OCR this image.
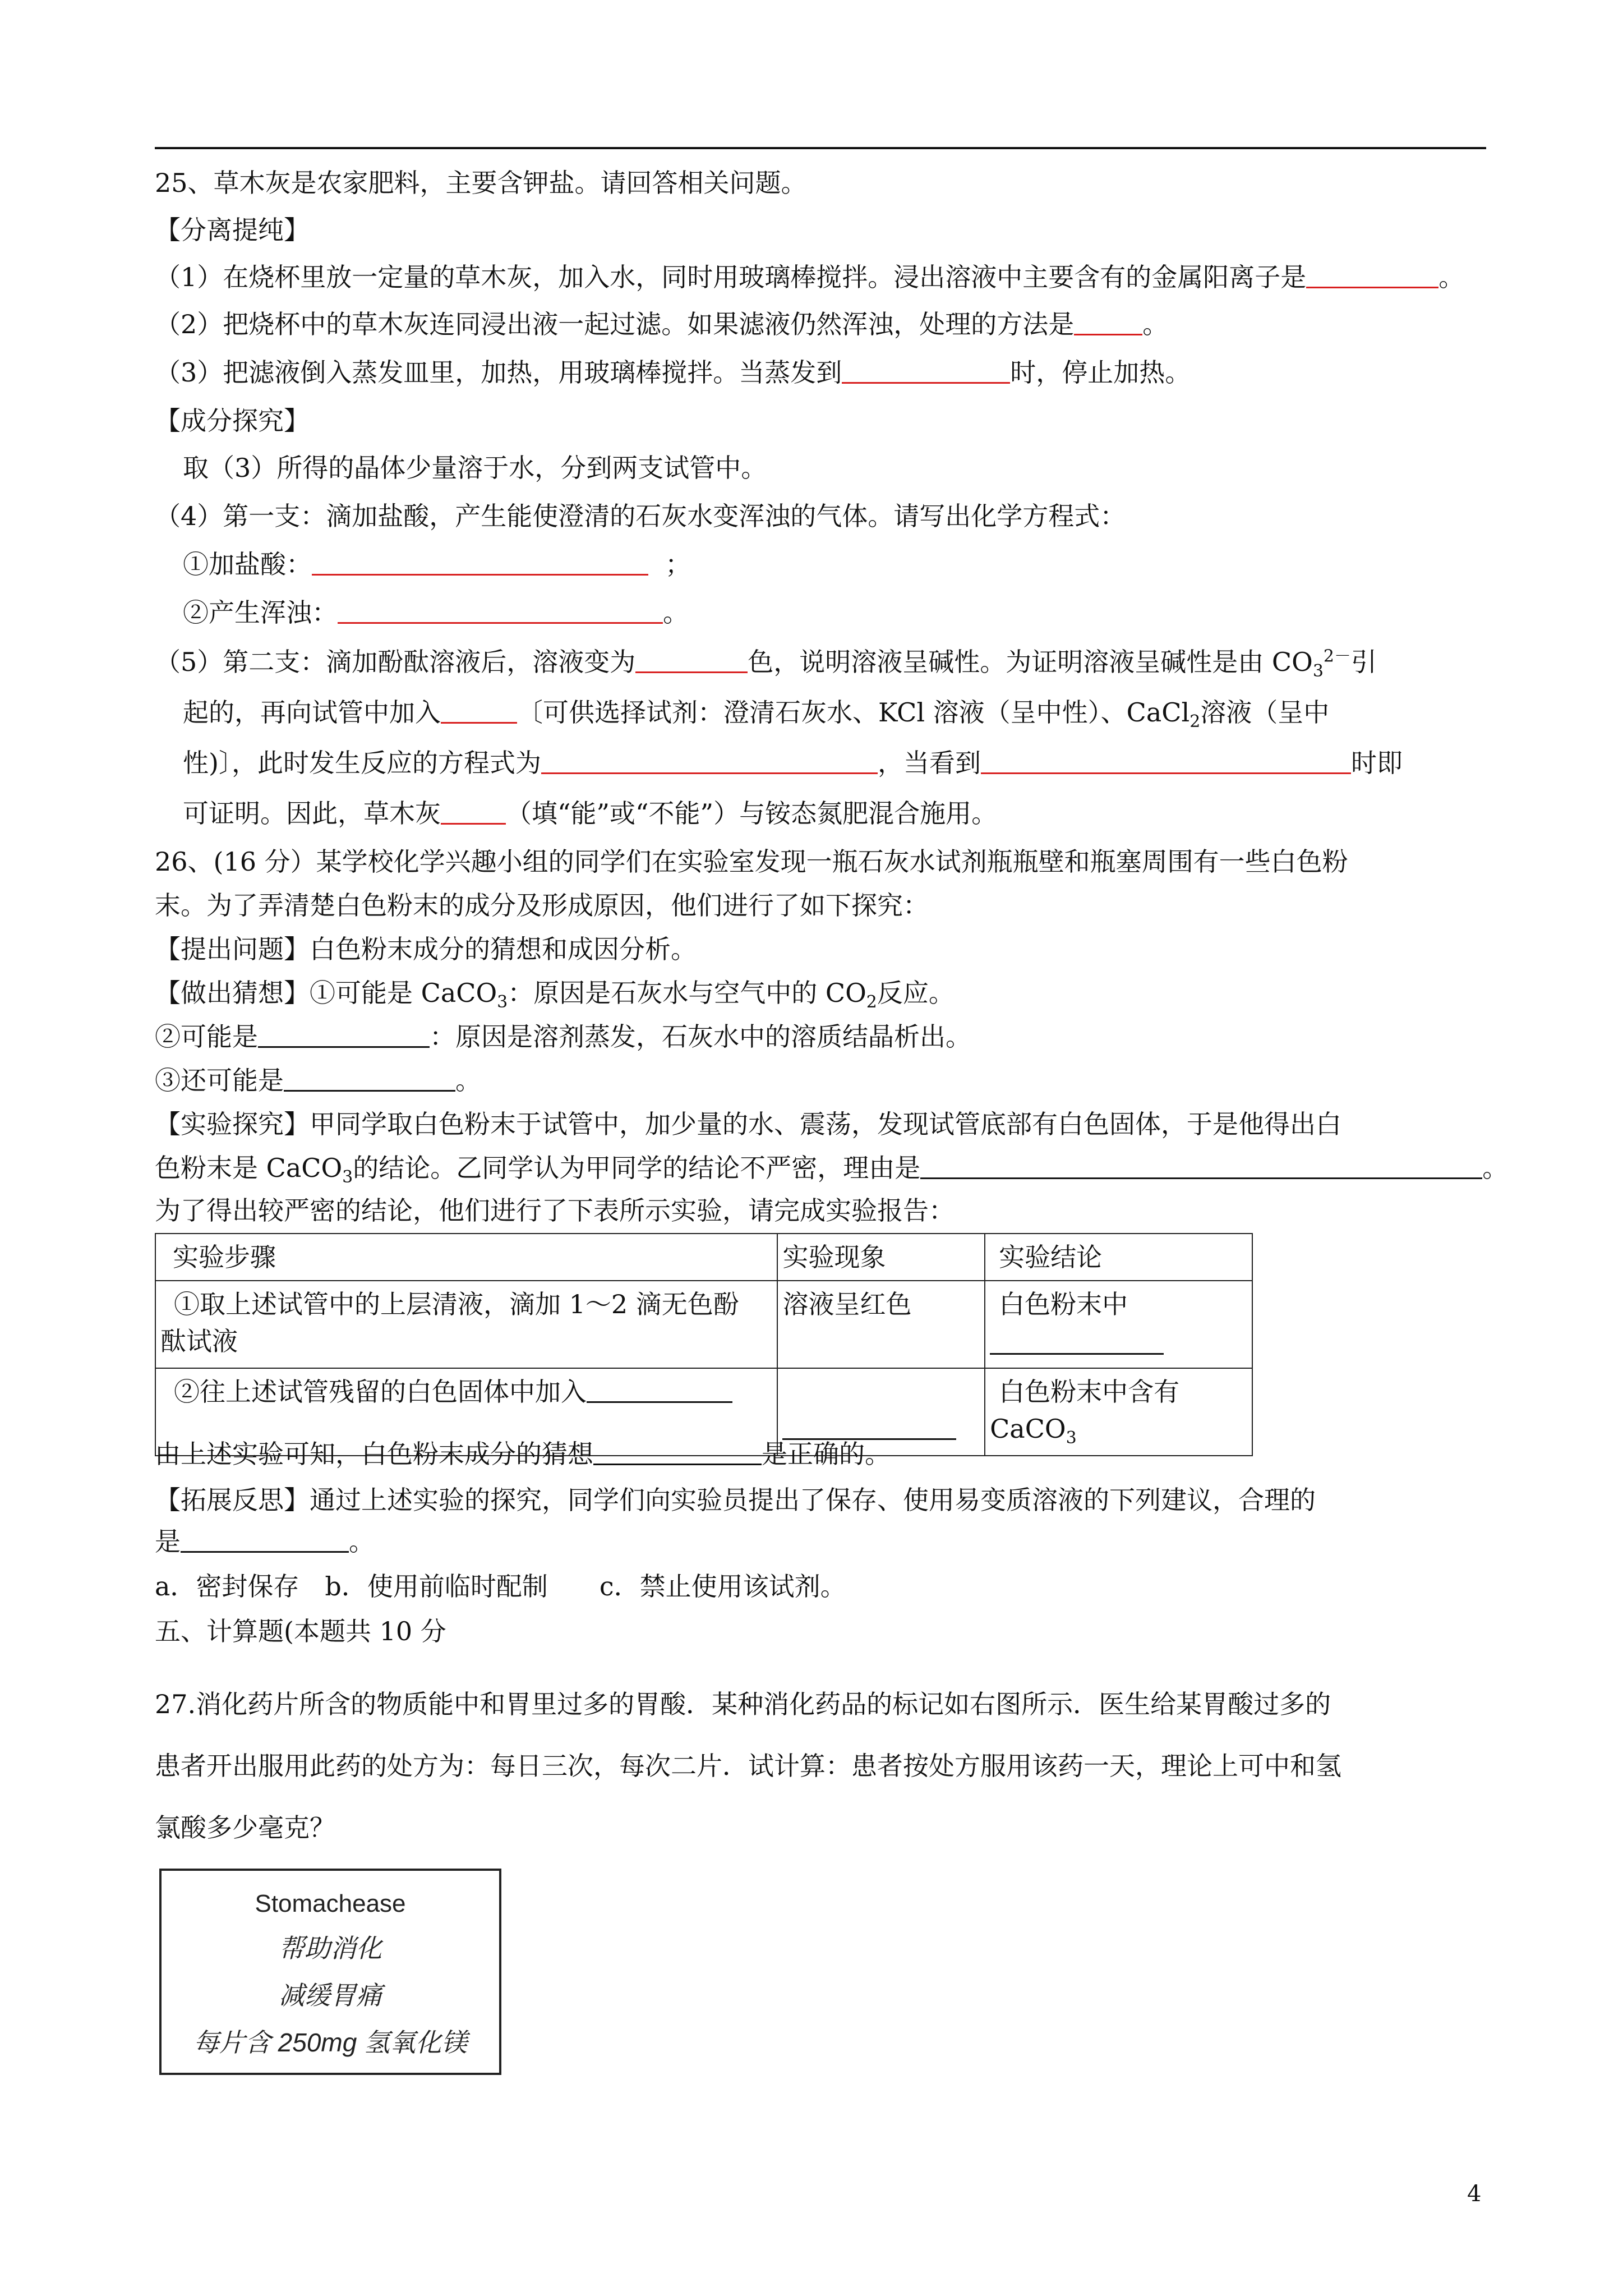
25、草木灰是农家肥料，主要含钾盐。请回答相关问题。
【分离提纯】
（1）在烧杯里放一定量的草木灰，加入水，同时用玻璃棒搅拌。浸出溶液中主要含有的金属阳离子是	。
（2）把烧杯中的草木灰连同浸出液一起过滤。如果滤液仍然浑浊，处理的方法是	。
（3）把滤液倒入蒸发皿里，加热，用玻璃棒搅拌。当蒸发到	时，停止加热。
【成分探究】
取（3）所得的晶体少量溶于水，分到两支试管中。
（4）第一支：滴加盐酸，产生能使澄清的石灰水变浑浊的气体。请写出化学方程式：
①加盐酸：	；
②产生浑浊：	。
（5）第二支：滴加酚酞溶液后，溶液变为	色，说明溶液呈碱性。为证明溶液呈碱性是由 $CO_3^{2-}$引
起的，再向试管中加入	〔可供选择试剂：澄清石灰水、KCl 溶液（呈中性）、CaCl$_2$溶液（呈中
性)〕，此时发生反应的方程式为	，当看到	时即
可证明。因此，草木灰	（填“能”或“不能”）与铵态氮肥混合施用。
26、(16 分）某学校化学兴趣小组的同学们在实验室发现一瓶石灰水试剂瓶瓶壁和瓶塞周围有一些白色粉
末。为了弄清楚白色粉末的成分及形成原因，他们进行了如下探究：
【提出问题】白色粉末成分的猜想和成因分析。
【做出猜想】①可能是 CaCO$_3$：原因是石灰水与空气中的 $CO_2$反应。
②可能是	：原因是溶剂蒸发，石灰水中的溶质结晶析出。
③还可能是	。
【实验探究】甲同学取白色粉末于试管中，加少量的水、震荡，发现试管底部有白色固体，于是他得出白
色粉末是 CaCO$_3$的结论。乙同学认为甲同学的结论不严密，理由是	。
为了得出较严密的结论，他们进行了下表所示实验，请完成实验报告：
实验步骤	实验现象	实验结论

①取上述试管中的上层清液，滴加 1～2 滴无色酚
酞试液	溶液呈红色	白色粉末中

②往上述试管残留的白色固体中加入		白色粉末中含有
CaCO$_3$
由上述实验可知，白色粉末成分的猜想	是正确的。
【拓展反思】通过上述实验的探究，同学们向实验员提出了保存、使用易变质溶液的下列建议，合理的
是	。
a．密封保存　b．使用前临时配制　　c．禁止使用该试剂。
五、计算题(本题共 10 分
27.消化药片所含的物质能中和胃里过多的胃酸．某种消化药品的标记如右图所示．医生给某胃酸过多的
患者开出服用此药的处方为：每日三次，每次二片．试计算：患者按处方服用该药一天，理论上可中和氢
氯酸多少毫克？
Stomachease
帮助消化
减缓胃痛
每片含 250mg 氢氧化镁
4
